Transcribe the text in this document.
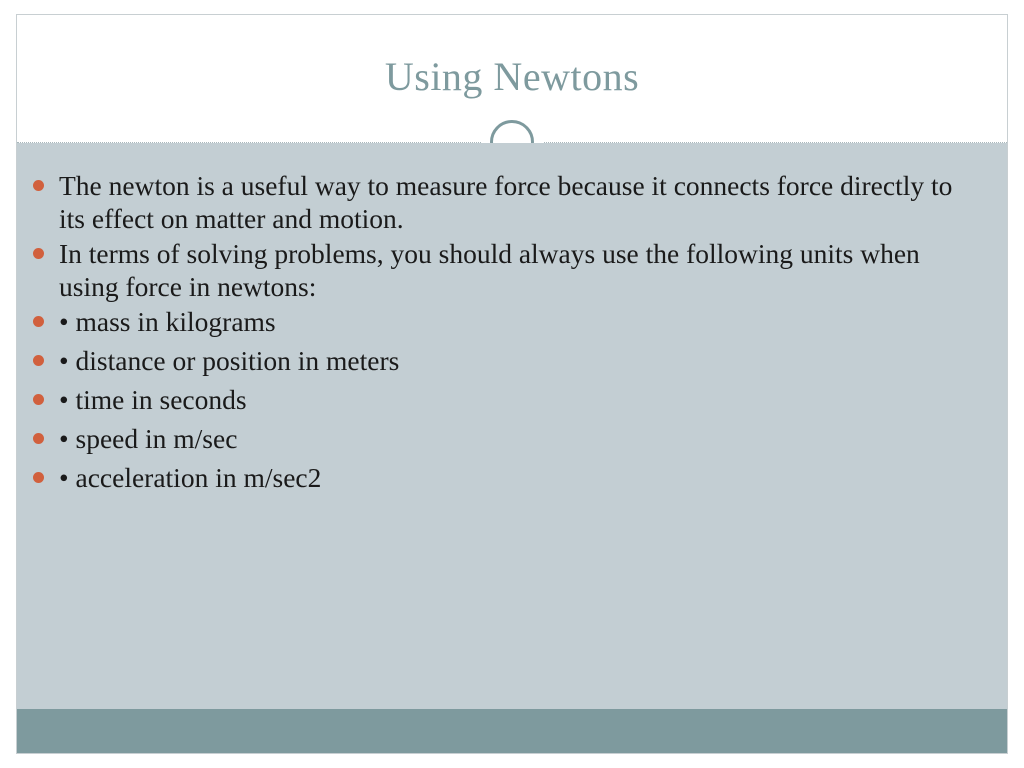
Using Newtons
The newton is a useful way to measure force because it connects force directly to its effect on matter and motion.
In terms of solving problems, you should always use the following units when using force in newtons:
• mass in kilograms
• distance or position in meters
• time in seconds
• speed in m/sec
• acceleration in m/sec2
